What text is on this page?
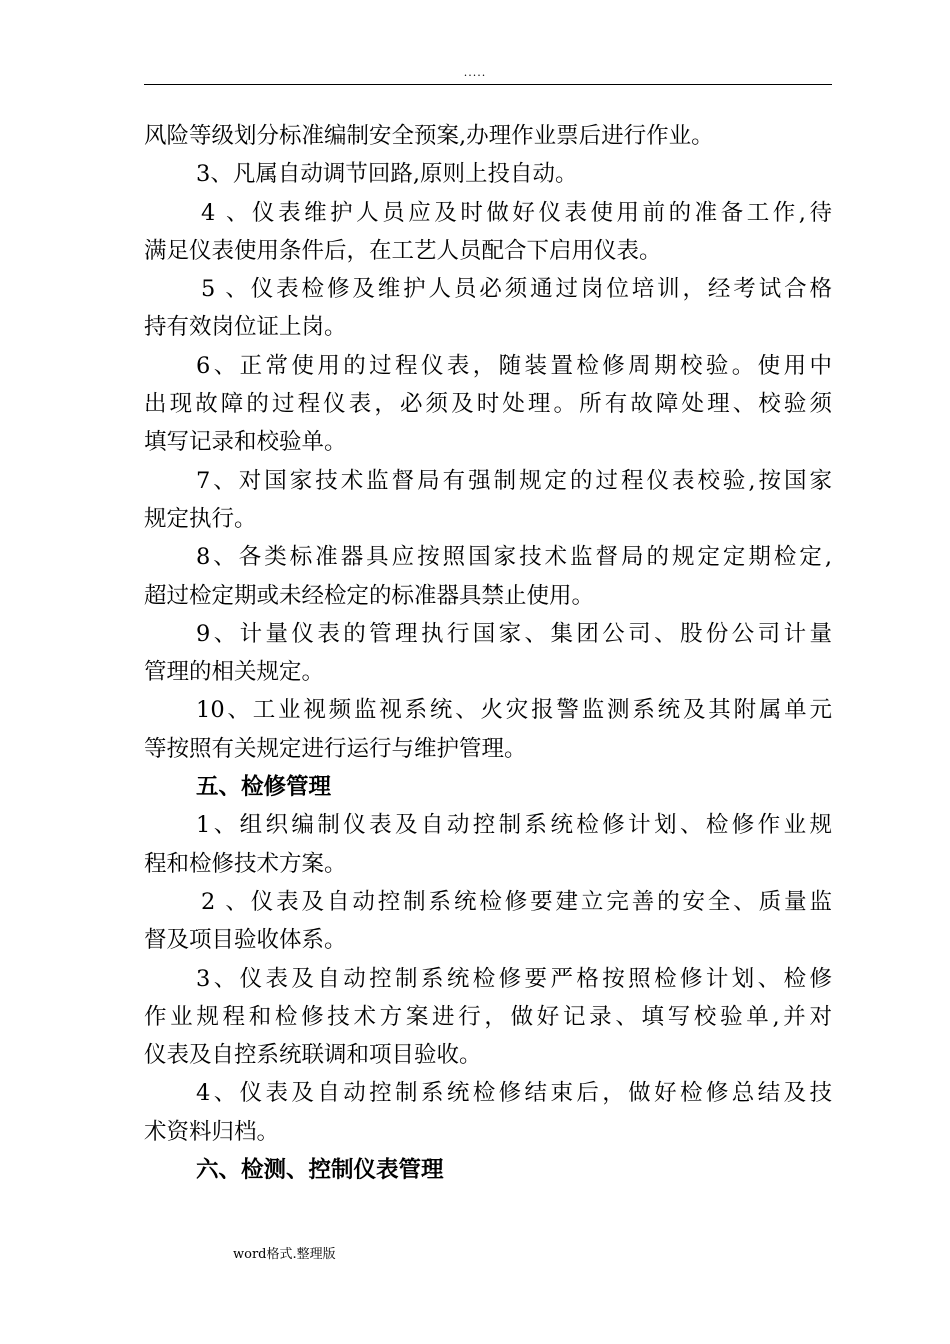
.....

风险等级划分标准编制安全预案,办理作业票后进行作业。

3、凡属自动调节回路,原则上投自动。

4 、仪表维护人员应及时做好仪表使用前的准备工作,待

满足仪表使用条件后，在工艺人员配合下启用仪表。

5 、仪表检修及维护人员必须通过岗位培训，经考试合格

持有效岗位证上岗。

6、正常使用的过程仪表，随装置检修周期校验。使用中

出现故障的过程仪表，必须及时处理。所有故障处理、校验须

填写记录和校验单。

7、对国家技术监督局有强制规定的过程仪表校验,按国家

规定执行。

8、各类标准器具应按照国家技术监督局的规定定期检定,

超过检定期或未经检定的标准器具禁止使用。

9、计量仪表的管理执行国家、集团公司、股份公司计量

管理的相关规定。

10、工业视频监视系统、火灾报警监测系统及其附属单元

等按照有关规定进行运行与维护管理。

五、检修管理

1、组织编制仪表及自动控制系统检修计划、检修作业规

程和检修技术方案。

2 、仪表及自动控制系统检修要建立完善的安全、质量监

督及项目验收体系。

3、仪表及自动控制系统检修要严格按照检修计划、检修

作业规程和检修技术方案进行，做好记录、填写校验单,并对

仪表及自控系统联调和项目验收。

4、仪表及自动控制系统检修结束后，做好检修总结及技

术资料归档。

六、检测、控制仪表管理

word格式.整理版
